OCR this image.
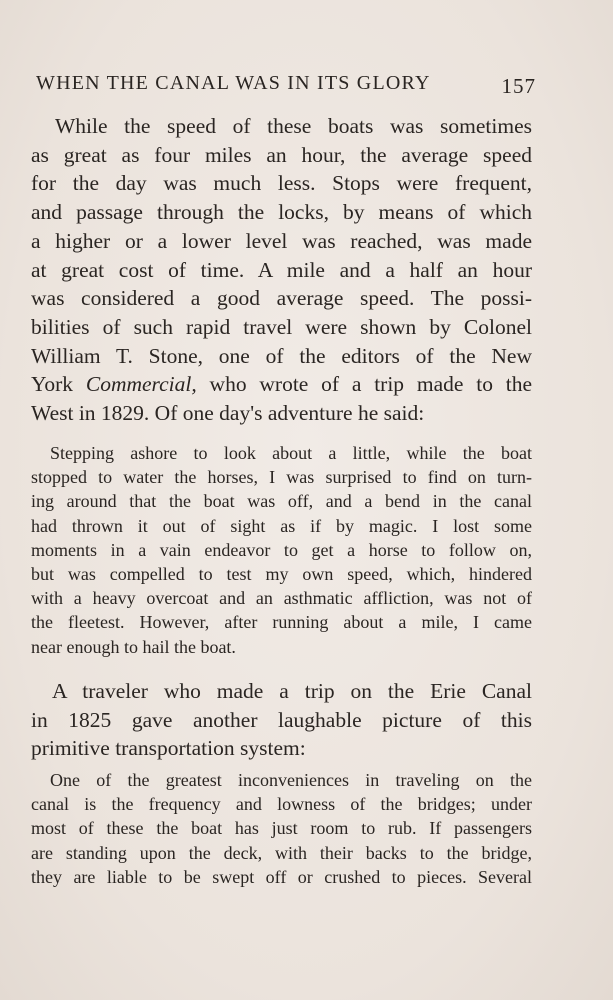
WHEN THE CANAL WAS IN ITS GLORY	157
While the speed of these boats was sometimes
as great as four miles an hour, the average speed
for the day was much less. Stops were frequent,
and passage through the locks, by means of which
a higher or a lower level was reached, was made
at great cost of time. A mile and a half an hour
was considered a good average speed. The possi-
bilities of such rapid travel were shown by Colonel
William T. Stone, one of the editors of the New
York Commercial, who wrote of a trip made to the
West in 1829. Of one day's adventure he said:
Stepping ashore to look about a little, while the boat
stopped to water the horses, I was surprised to find on turn-
ing around that the boat was off, and a bend in the canal
had thrown it out of sight as if by magic. I lost some
moments in a vain endeavor to get a horse to follow on,
but was compelled to test my own speed, which, hindered
with a heavy overcoat and an asthmatic affliction, was not of
the fleetest. However, after running about a mile, I came
near enough to hail the boat.
A traveler who made a trip on the Erie Canal
in 1825 gave another laughable picture of this
primitive transportation system:
One of the greatest inconveniences in traveling on the
canal is the frequency and lowness of the bridges; under
most of these the boat has just room to rub. If passengers
are standing upon the deck, with their backs to the bridge,
they are liable to be swept off or crushed to pieces. Several
